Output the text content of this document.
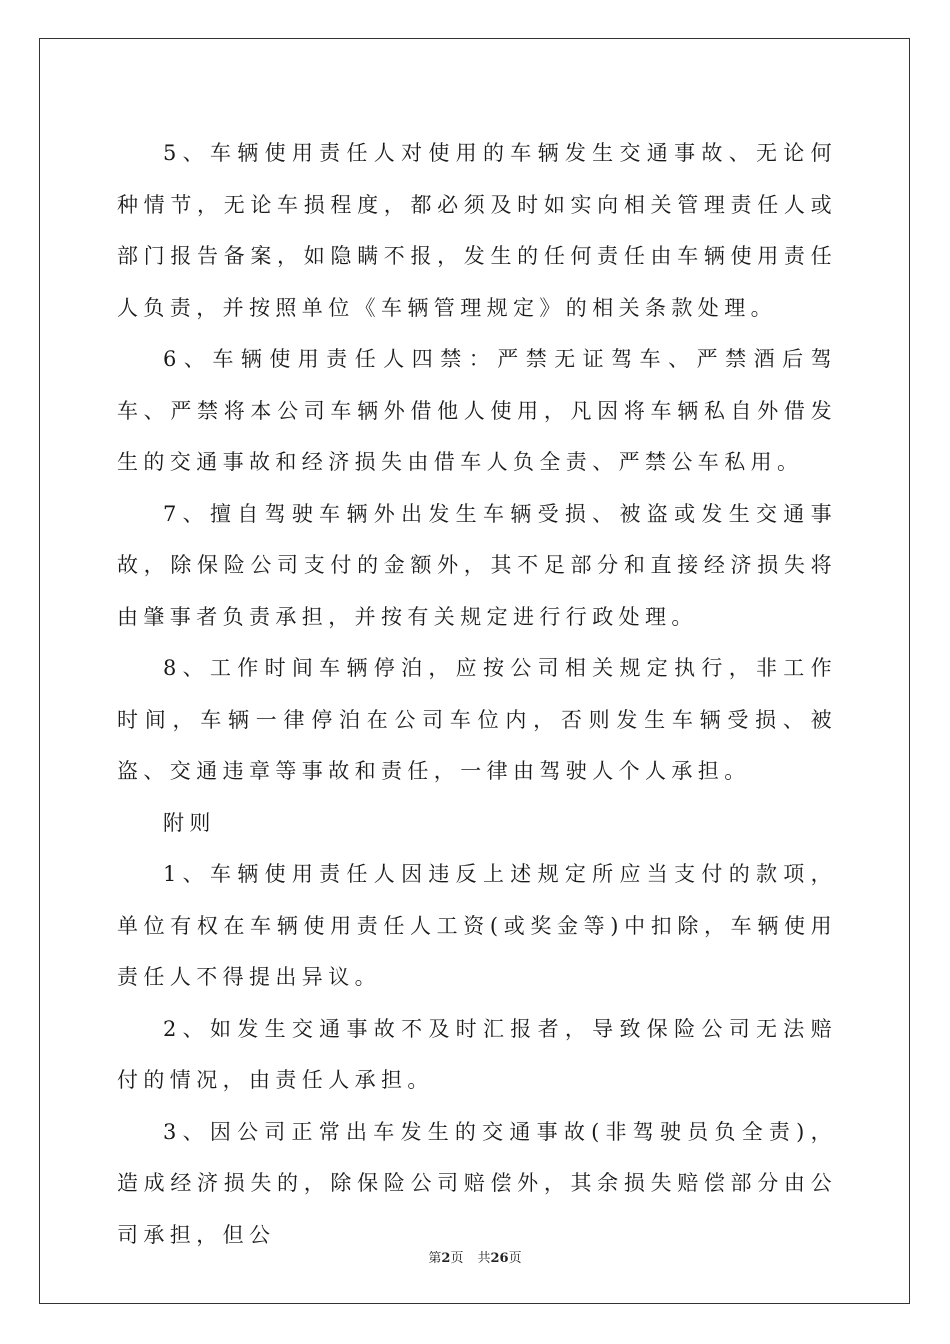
5、车辆使用责任人对使用的车辆发生交通事故、无论何种情节，无论车损程度，都必须及时如实向相关管理责任人或部门报告备案，如隐瞒不报，发生的任何责任由车辆使用责任人负责，并按照单位《车辆管理规定》的相关条款处理。

6、车辆使用责任人四禁：严禁无证驾车、严禁酒后驾车、严禁将本公司车辆外借他人使用，凡因将车辆私自外借发生的交通事故和经济损失由借车人负全责、严禁公车私用。

7、擅自驾驶车辆外出发生车辆受损、被盗或发生交通事故，除保险公司支付的金额外，其不足部分和直接经济损失将由肇事者负责承担，并按有关规定进行行政处理。

8、工作时间车辆停泊，应按公司相关规定执行，非工作时间，车辆一律停泊在公司车位内，否则发生车辆受损、被盗、交通违章等事故和责任，一律由驾驶人个人承担。

附则

1、车辆使用责任人因违反上述规定所应当支付的款项，单位有权在车辆使用责任人工资(或奖金等)中扣除，车辆使用责任人不得提出异议。

2、如发生交通事故不及时汇报者，导致保险公司无法赔付的情况，由责任人承担。

3、因公司正常出车发生的交通事故(非驾驶员负全责)，造成经济损失的，除保险公司赔偿外，其余损失赔偿部分由公司承担，但公

第2页 共26页
